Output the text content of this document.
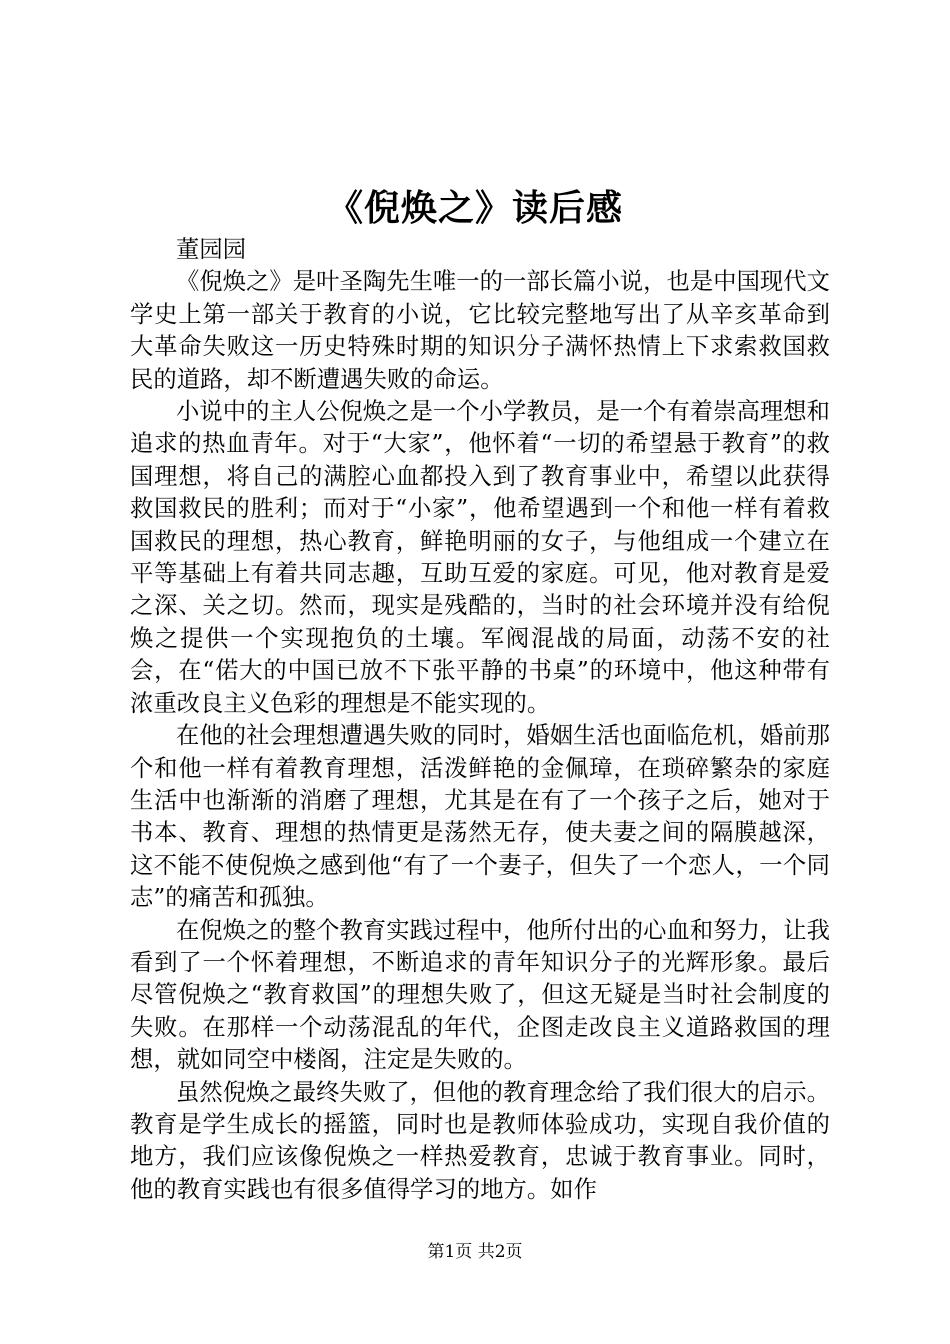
《倪焕之》读后感

董园园

《倪焕之》是叶圣陶先生唯一的一部长篇小说，也是中国现代文学史上第一部关于教育的小说，它比较完整地写出了从辛亥革命到大革命失败这一历史特殊时期的知识分子满怀热情上下求索救国救民的道路，却不断遭遇失败的命运。

小说中的主人公倪焕之是一个小学教员，是一个有着崇高理想和追求的热血青年。对于“大家”，他怀着“一切的希望悬于教育”的救国理想，将自己的满腔心血都投入到了教育事业中，希望以此获得救国救民的胜利；而对于“小家”，他希望遇到一个和他一样有着救国救民的理想，热心教育，鲜艳明丽的女子，与他组成一个建立在平等基础上有着共同志趣，互助互爱的家庭。可见，他对教育是爱之深、关之切。然而，现实是残酷的，当时的社会环境并没有给倪焕之提供一个实现抱负的土壤。军阀混战的局面，动荡不安的社会，在“偌大的中国已放不下张平静的书桌”的环境中，他这种带有浓重改良主义色彩的理想是不能实现的。

在他的社会理想遭遇失败的同时，婚姻生活也面临危机，婚前那个和他一样有着教育理想，活泼鲜艳的金佩璋，在琐碎繁杂的家庭生活中也渐渐的消磨了理想，尤其是在有了一个孩子之后，她对于书本、教育、理想的热情更是荡然无存，使夫妻之间的隔膜越深，这不能不使倪焕之感到他“有了一个妻子，但失了一个恋人，一个同志”的痛苦和孤独。

在倪焕之的整个教育实践过程中，他所付出的心血和努力，让我看到了一个怀着理想，不断追求的青年知识分子的光辉形象。最后尽管倪焕之“教育救国”的理想失败了，但这无疑是当时社会制度的失败。在那样一个动荡混乱的年代，企图走改良主义道路救国的理想，就如同空中楼阁，注定是失败的。

虽然倪焕之最终失败了，但他的教育理念给了我们很大的启示。教育是学生成长的摇篮，同时也是教师体验成功，实现自我价值的地方，我们应该像倪焕之一样热爱教育，忠诚于教育事业。同时，他的教育实践也有很多值得学习的地方。如作

第1页 共2页
